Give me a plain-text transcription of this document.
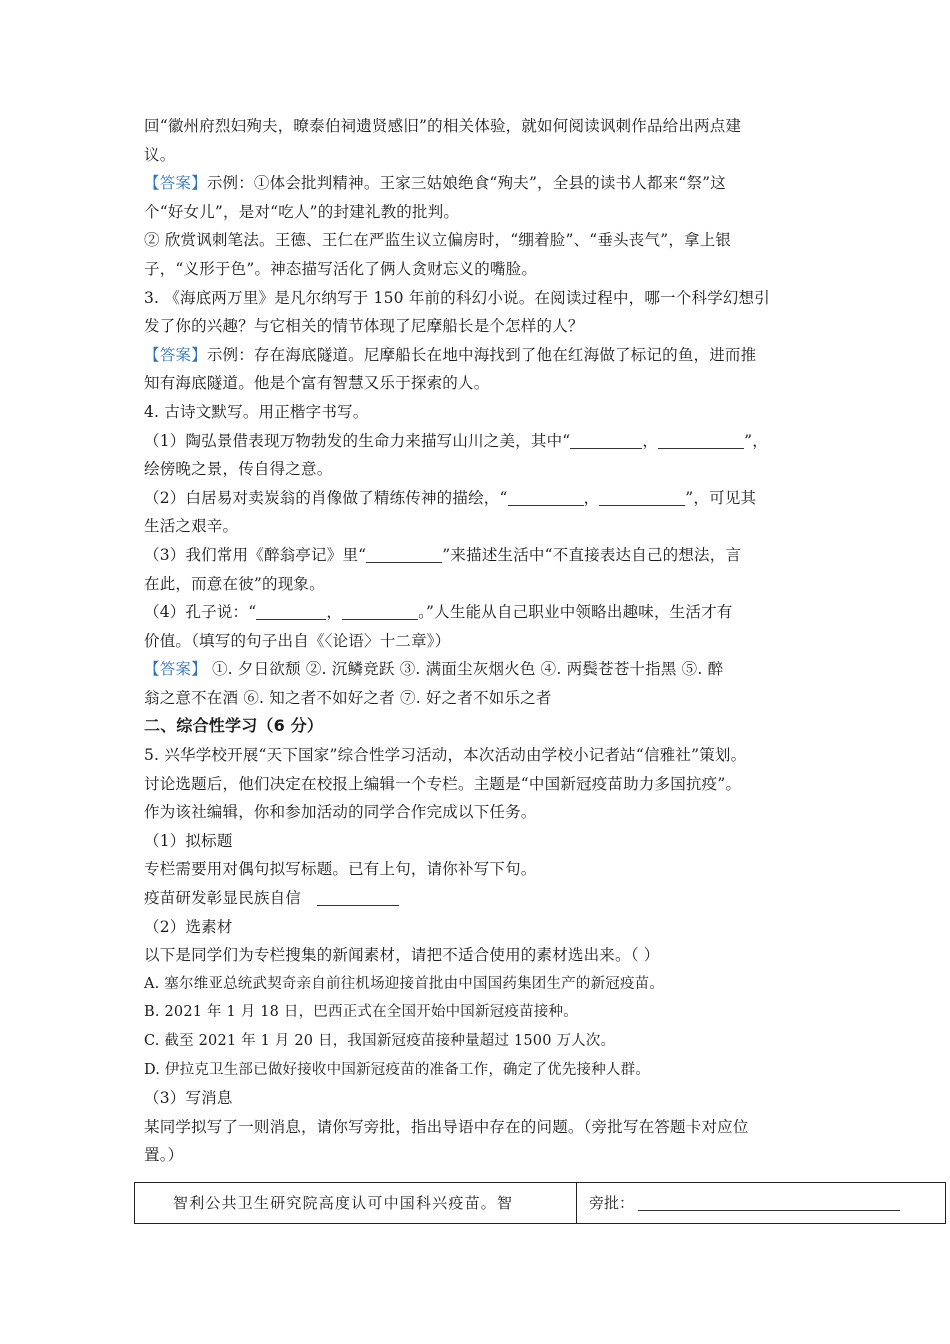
回“徽州府烈妇殉夫，暸泰伯祠遗贤感旧”的相关体验，就如何阅读讽刺作品给出两点建
议。
【答案】示例：①体会批判精神。王家三姑娘绝食“殉夫”，全县的读书人都来“祭”这
个“好女儿”，是对“吃人”的封建礼教的批判。
② 欣赏讽刺笔法。王德、王仁在严监生议立偏房时，“绷着脸”、“垂头丧气”，拿上银
子，“义形于色”。神态描写活化了俩人贪财忘义的嘴脸。
3. 《海底两万里》是凡尔纳写于 150 年前的科幻小说。在阅读过程中，哪一个科学幻想引
发了你的兴趣？与它相关的情节体现了尼摩船长是个怎样的人？
【答案】示例：存在海底隧道。尼摩船长在地中海找到了他在红海做了标记的鱼，进而推
知有海底隧道。他是个富有智慧又乐于探索的人。
4. 古诗文默写。用正楷字书写。
（1）陶弘景借表现万物勃发的生命力来描写山川之美，其中“	，	”，
绘傍晚之景，传自得之意。
（2）白居易对卖炭翁的肖像做了精练传神的描绘，“	，	”，可见其
生活之艰辛。
（3）我们常用《醉翁亭记》里“	”来描述生活中“不直接表达自己的想法，言
在此，而意在彼”的现象。
（4）孔子说：“	，	。”人生能从自己职业中领略出趣味，生活才有
价值。（填写的句子出自《〈论语〉十二章》）
【答案】 ①. 夕日欲颓 ②. 沉鳞竞跃 ③. 满面尘灰烟火色 ④. 两鬓苍苍十指黑 ⑤. 醉
翁之意不在酒 ⑥. 知之者不如好之者 ⑦. 好之者不如乐之者
二、综合性学习（6 分）
5. 兴华学校开展“天下国家”综合性学习活动，本次活动由学校小记者站“信雅社”策划。
讨论选题后，他们决定在校报上编辑一个专栏。主题是“中国新冠疫苗助力多国抗疫”。
作为该社编辑，你和参加活动的同学合作完成以下任务。
（1）拟标题
专栏需要用对偶句拟写标题。已有上句，请你补写下句。
疫苗研发彰显民族自信
（2）选素材
以下是同学们为专栏搜集的新闻素材，请把不适合使用的素材选出来。（ ）
A. 塞尔维亚总统武契奇亲自前往机场迎接首批由中国国药集团生产的新冠疫苗。
B. 2021 年 1 月 18 日，巴西正式在全国开始中国新冠疫苗接种。
C. 截至 2021 年 1 月 20 日，我国新冠疫苗接种量超过 1500 万人次。
D. 伊拉克卫生部已做好接收中国新冠疫苗的准备工作，确定了优先接种人群。
（3）写消息
某同学拟写了一则消息，请你写旁批，指出导语中存在的问题。（旁批写在答题卡对应位
置。）
智利公共卫生研究院高度认可中国科兴疫苗。智	旁批：
